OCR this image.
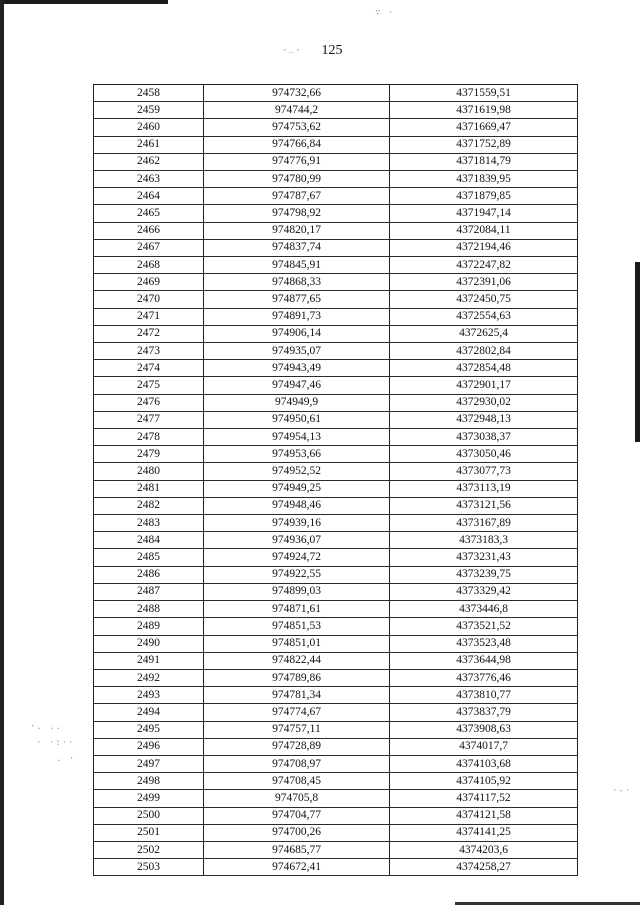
·‥·
∵ ·
·. ..
· ·:··
. ·
·-·
125
2458	974732,66	4371559,51
2459	974744,2	4371619,98
2460	974753,62	4371669,47
2461	974766,84	4371752,89
2462	974776,91	4371814,79
2463	974780,99	4371839,95
2464	974787,67	4371879,85
2465	974798,92	4371947,14
2466	974820,17	4372084,11
2467	974837,74	4372194,46
2468	974845,91	4372247,82
2469	974868,33	4372391,06
2470	974877,65	4372450,75
2471	974891,73	4372554,63
2472	974906,14	4372625,4
2473	974935,07	4372802,84
2474	974943,49	4372854,48
2475	974947,46	4372901,17
2476	974949,9	4372930,02
2477	974950,61	4372948,13
2478	974954,13	4373038,37
2479	974953,66	4373050,46
2480	974952,52	4373077,73
2481	974949,25	4373113,19
2482	974948,46	4373121,56
2483	974939,16	4373167,89
2484	974936,07	4373183,3
2485	974924,72	4373231,43
2486	974922,55	4373239,75
2487	974899,03	4373329,42
2488	974871,61	4373446,8
2489	974851,53	4373521,52
2490	974851,01	4373523,48
2491	974822,44	4373644,98
2492	974789,86	4373776,46
2493	974781,34	4373810,77
2494	974774,67	4373837,79
2495	974757,11	4373908,63
2496	974728,89	4374017,7
2497	974708,97	4374103,68
2498	974708,45	4374105,92
2499	974705,8	4374117,52
2500	974704,77	4374121,58
2501	974700,26	4374141,25
2502	974685,77	4374203,6
2503	974672,41	4374258,27
